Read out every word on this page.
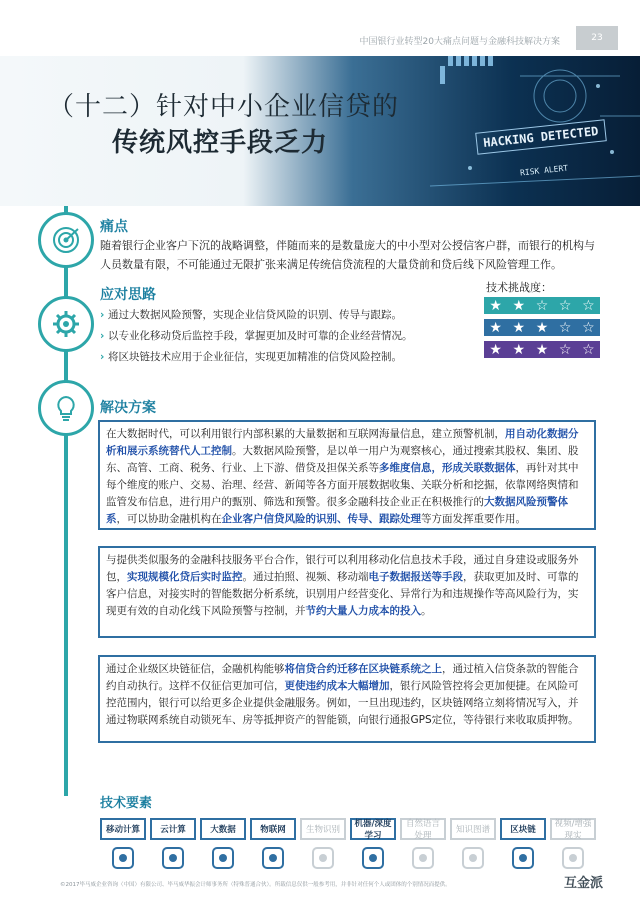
中国银行业转型20大痛点问题与金融科技解决方案	23
（十二）针对中小企业信贷的
传统风控手段乏力	HACKING DETECTED
RISK ALERT
痛点
随着银行企业客户下沉的战略调整，伴随而来的是数量庞大的中小型对公授信客户群，而银行的机构与人员数量有限，不可能通过无限扩张来满足传统信贷流程的大量贷前和贷后线下风险管理工作。
应对思路
› 通过大数据风险预警，实现企业信贷风险的识别、传导与跟踪。
› 以专业化移动贷后监控手段，掌握更加及时可靠的企业经营情况。
› 将区块链技术应用于企业征信，实现更加精准的信贷风险控制。
技术挑战度：
★ ★ ☆ ☆ ☆
★ ★ ★ ☆ ☆
★ ★ ★ ☆ ☆
解决方案
在大数据时代，可以利用银行内部积累的大量数据和互联网海量信息，建立预警机制，用自动化数据分析和展示系统替代人工控制。大数据风险预警，是以单一用户为观察核心，通过搜索其股权、集团、股东、高管、工商、税务、行业、上下游、借贷及担保关系等多维度信息，形成关联数据体，再针对其中每个维度的账户、交易、治理、经营、新闻等各方面开展数据收集、关联分析和挖掘，依靠网络舆情和监管发布信息，进行用户的甄别、筛选和预警。很多金融科技企业正在积极推行的大数据风险预警体系，可以协助金融机构在企业客户信贷风险的识别、传导、跟踪处理等方面发挥重要作用。
与提供类似服务的金融科技服务平台合作，银行可以利用移动化信息技术手段，通过自身建设或服务外包，实现规模化贷后实时监控。通过拍照、视频、移动端电子数据报送等手段，获取更加及时、可靠的客户信息，对接实时的智能数据分析系统，识别用户经营变化、异常行为和违规操作等高风险行为，实现更有效的自动化线下风险预警与控制，并节约大量人力成本的投入。
通过企业级区块链征信，金融机构能够将信贷合约迁移在区块链系统之上，通过植入信贷条款的智能合约自动执行。这样不仅征信更加可信，更使违约成本大幅增加，银行风险管控将会更加便捷。在风险可控范围内，银行可以给更多企业提供金融服务。例如，一旦出现违约，区块链网络立刻将情况写入，并通过物联网系统自动锁死车、房等抵押资产的智能锁，向银行通报GPS定位，等待银行来收取质押物。
技术要素
移动计算	云计算	大数据	物联网	生物识别
机器/深度学习
自然语言处理
知识图谱	区块链
视频/增强现实
©2017毕马威企业咨询（中国）有限公司、毕马威华振会计师事务所（特殊普通合伙）。所载信息仅供一般参考用，并非针对任何个人或团体的个别情况而提供。	互金派
